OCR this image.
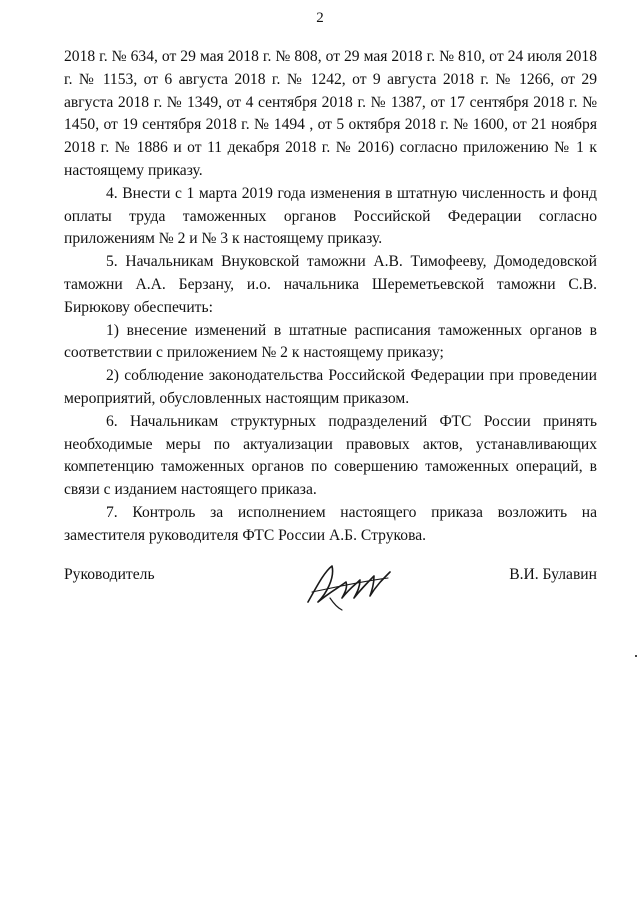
2

2018 г. № 634, от 29 мая 2018 г. № 808, от 29 мая 2018 г. № 810, от 24 июля 2018 г. № 1153, от 6 августа 2018 г. № 1242, от 9 августа 2018 г. № 1266, от 29 августа 2018 г. № 1349, от 4 сентября 2018 г. № 1387, от 17 сентября 2018 г. № 1450, от 19 сентября 2018 г. № 1494 , от 5 октября 2018 г. № 1600, от 21 ноября 2018 г. № 1886 и от 11 декабря 2018 г. № 2016) согласно приложению № 1 к настоящему приказу.

4. Внести с 1 марта 2019 года изменения в штатную численность и фонд оплаты труда таможенных органов Российской Федерации согласно приложениям № 2 и № 3 к настоящему приказу.

5. Начальникам Внуковской таможни А.В. Тимофееву, Домодедовской таможни А.А. Берзану, и.о. начальника Шереметьевской таможни С.В. Бирюкову обеспечить:

1) внесение изменений в штатные расписания таможенных органов в соответствии с приложением № 2 к настоящему приказу;

2) соблюдение законодательства Российской Федерации при проведении мероприятий, обусловленных настоящим приказом.

6. Начальникам структурных подразделений ФТС России принять необходимые меры по актуализации правовых актов, устанавливающих компетенцию таможенных органов по совершению таможенных операций, в связи с изданием настоящего приказа.

7. Контроль за исполнением настоящего приказа возложить на заместителя руководителя ФТС России А.Б. Струкова.

Руководитель	В.И. Булавин
